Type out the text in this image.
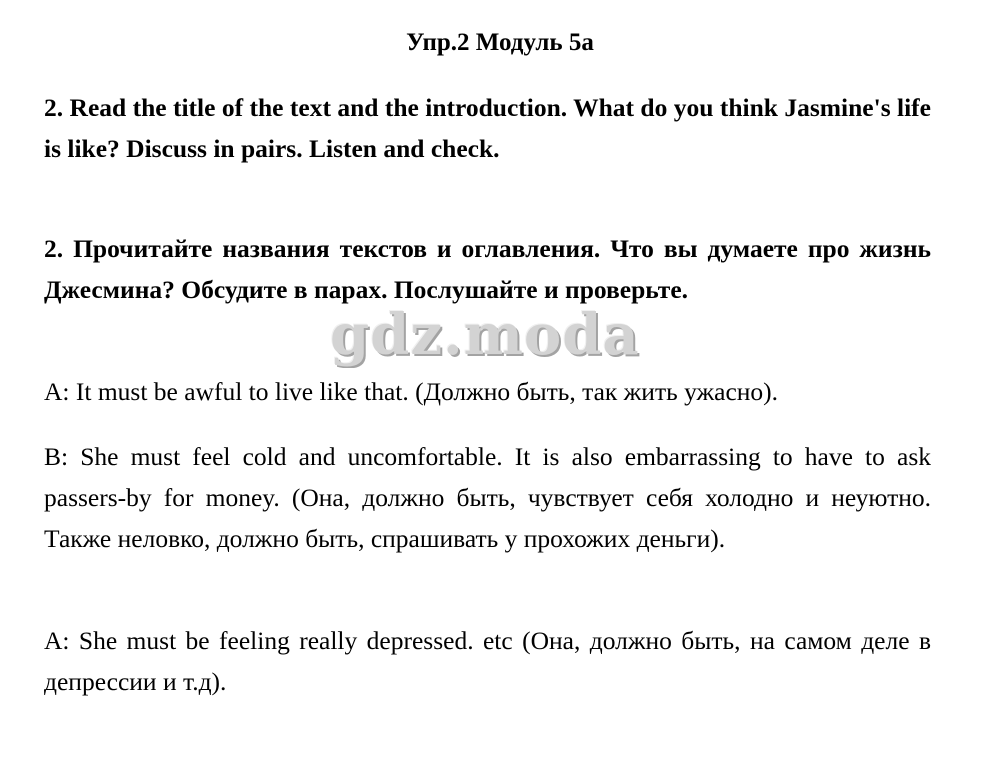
Упр.2 Модуль 5а
2. Read the title of the text and the introduction. What do you think Jasmine's life is like? Discuss in pairs. Listen and check.
2. Прочитайте названия текстов и оглавления. Что вы думаете про жизнь Джесмина? Обсудите в парах. Послушайте и проверьте.
A: It must be awful to live like that. (Должно быть, так жить ужасно).
B: She must feel cold and uncomfortable. It is also embarrassing to have to ask passers-by for money. (Она, должно быть, чувствует себя холодно и неуютно. Также неловко, должно быть, спрашивать у прохожих деньги).
A: She must be feeling really depressed. etc (Она, должно быть, на самом деле в депрессии и т.д).
gdz.moda
